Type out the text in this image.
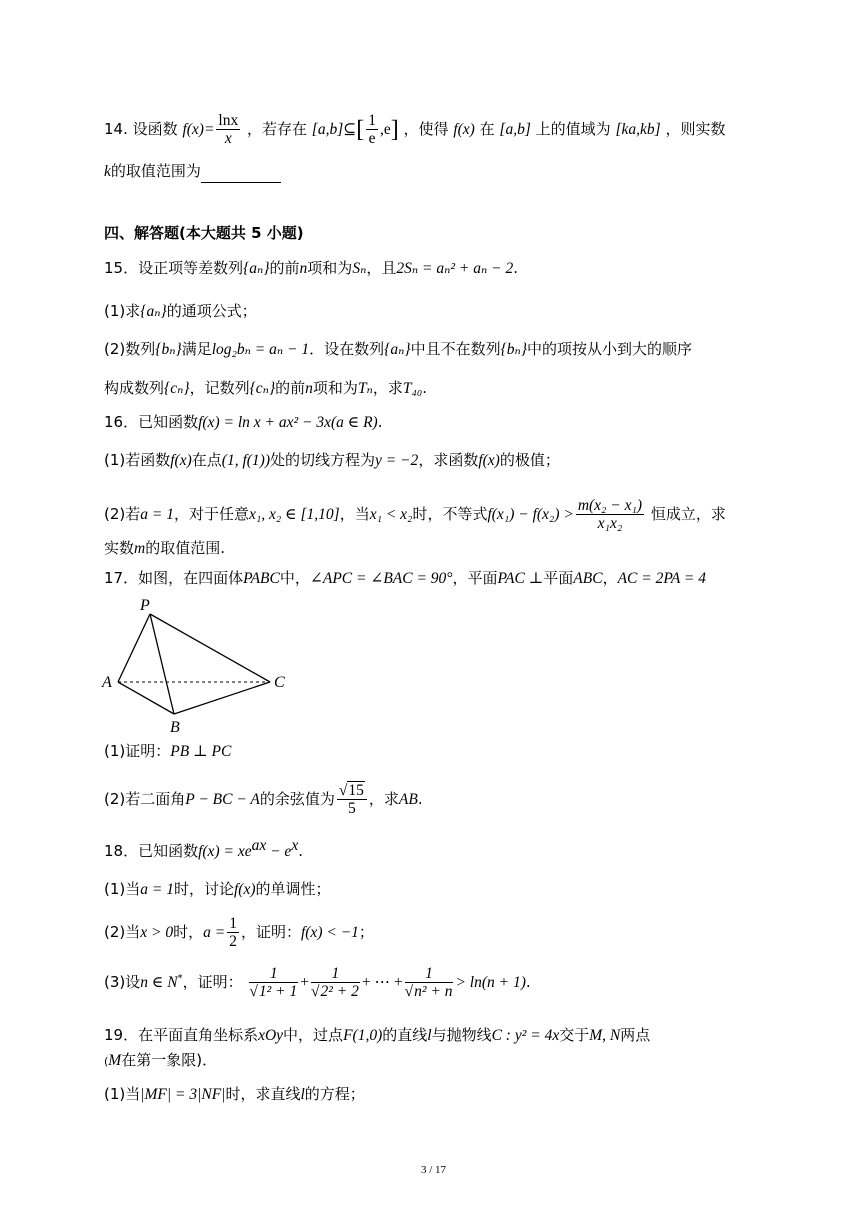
14. 设函数 $f(x)= \frac{\ln x}{x}$ ，若存在 [a,b]⊆[ $\frac{1}{e} ,e$] ，使得 f(x) 在 [a,b] 上的值域为 [ka,kb] ，则实数
k的取值范围为
四、解答题(本大题共 5 小题)
15．设正项等差数列{aₙ}的前n项和为Sₙ，且2Sₙ = aₙ² + aₙ − 2.
(1)求{aₙ}的通项公式；
(2)数列{bₙ}满足log₂bₙ = aₙ − 1．设在数列{aₙ}中且不在数列{bₙ}中的项按从小到大的顺序
构成数列{cₙ}，记数列{cₙ}的前n项和为Tₙ，求T₄₀.
16．已知函数f(x) = ln x + ax² − 3x(a ∈ R).
(1)若函数f(x)在点(1, f(1))处的切线方程为y = −2，求函数f(x)的极值；
(2)若a = 1，对于任意x₁, x₂ ∈ [1,10]，当x₁ < x₂时，不等式$f(x_1) - f(x_2) > \frac{\text{m(x₂ − x₁)}}{\text{x₁x₂}}$ 恒成立，求
实数m的取值范围.
17．如图，在四面体PABC中，∠APC = ∠BAC = 90°，平面PAC ⊥平面ABC，AC = 2PA = 4
P
A	C
B
(1)证明：PB ⊥ PC
(2)若二面角P − BC − A的余弦值为 $\frac{√15}{5}$ ，求AB.
18．已知函数$f(x) = xe^{ax} - e^x$.
(1)当a = 1时，讨论f(x)的单调性；
(2)当x > 0时，$a = \frac{1}{2}$ ，证明：f(x) < −1；
(3)设n ∈ N*，证明： $\frac{1}{\text{√1² + 1}} + \frac{1}{\text{√2² + 2}}$ + ⋯ + $\frac{1}{\text{√n² + n}} > \ln(n + 1)$.
19．在平面直角坐标系xOy中，过点F(1,0)的直线l与抛物线C : y² = 4x交于M, N两点
(M在第一象限)．
(1)当|MF| = 3|NF|时，求直线l的方程；
3 / 17
